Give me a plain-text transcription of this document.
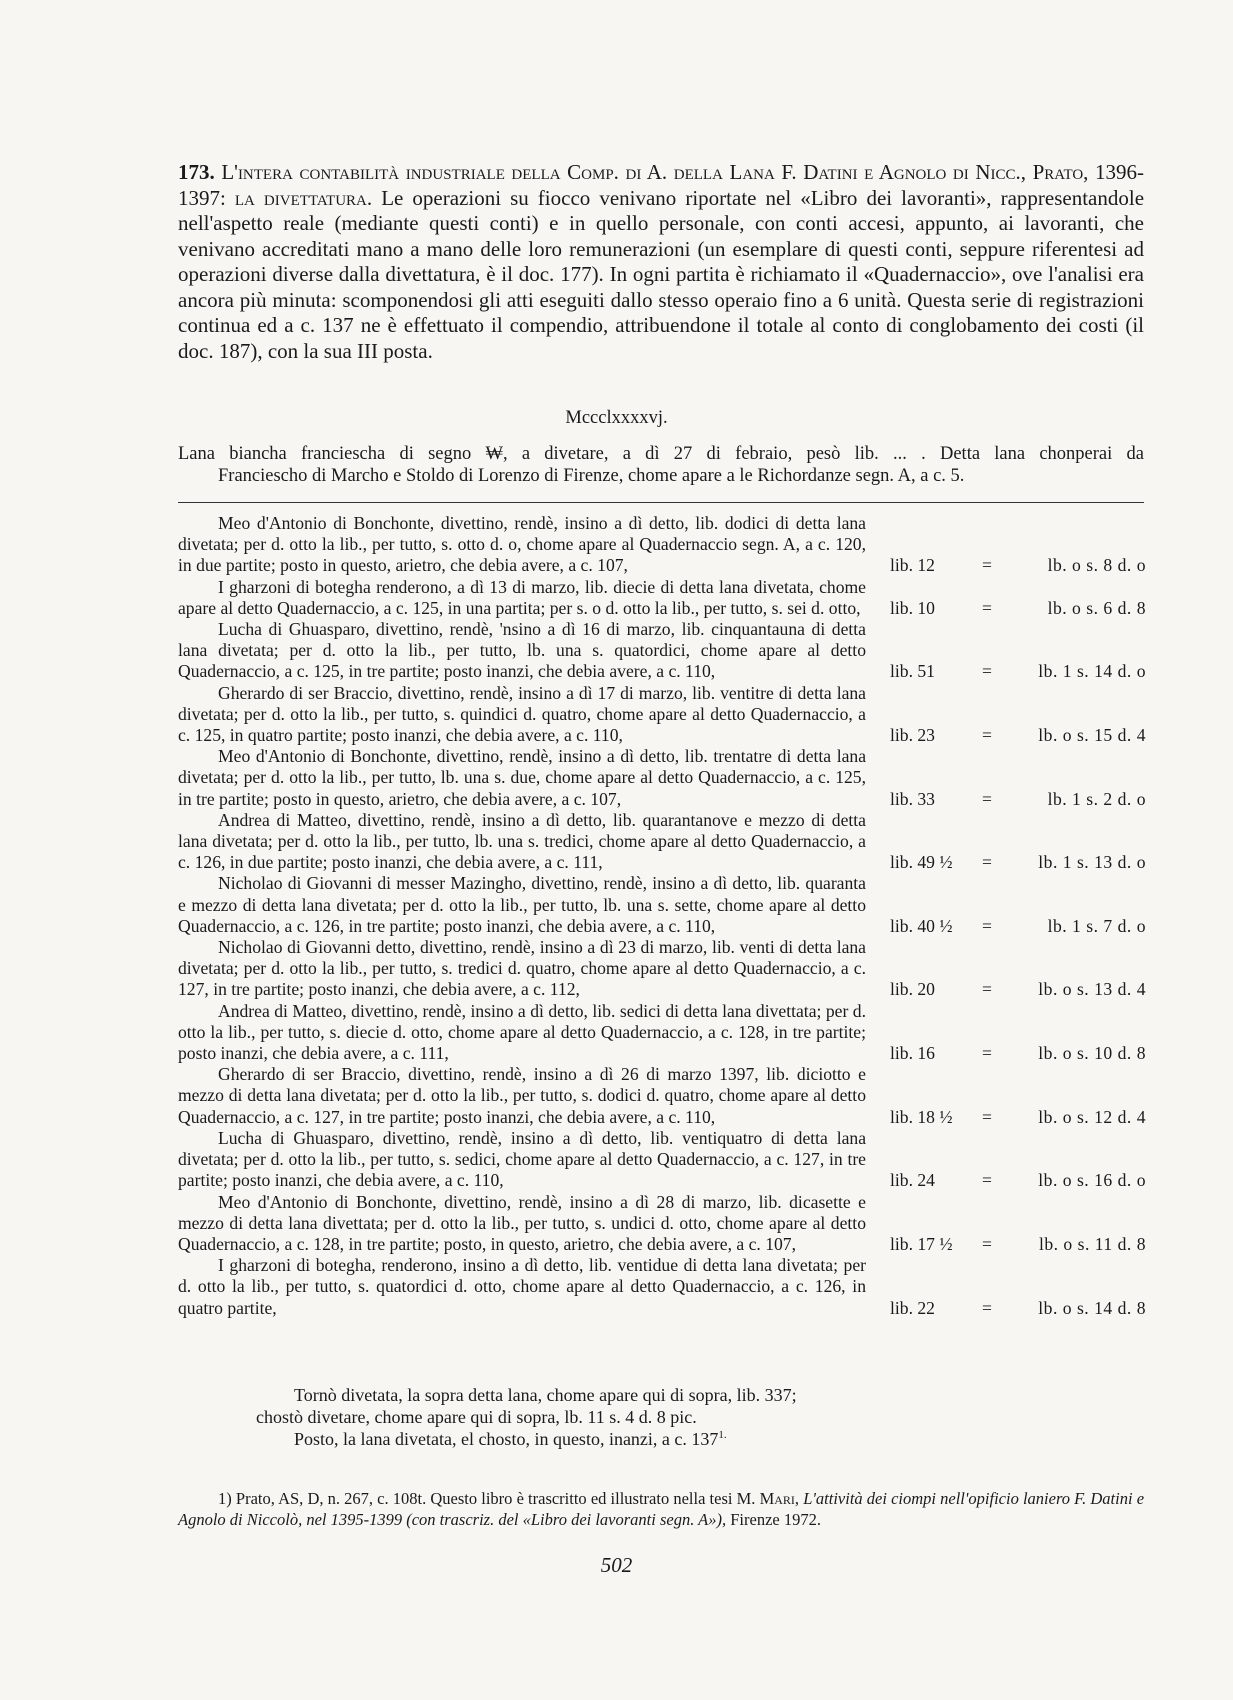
173. L'intera contabilità industriale della Comp. di A. della Lana F. Datini e Agnolo di Nicc., Prato, 1396-1397: la divettatura. Le operazioni su fiocco venivano riportate nel «Libro dei lavoranti», rappresentandole nell'aspetto reale (mediante questi conti) e in quello personale, con conti accesi, appunto, ai lavoranti, che venivano accreditati mano a mano delle loro remunerazioni (un esemplare di questi conti, seppure riferentesi ad operazioni diverse dalla divettatura, è il doc. 177). In ogni partita è richiamato il «Quadernaccio», ove l'analisi era ancora più minuta: scomponendosi gli atti eseguiti dallo stesso operaio fino a 6 unità. Questa serie di registrazioni continua ed a c. 137 ne è effettuato il compendio, attribuendone il totale al conto di conglobamento dei costi (il doc. 187), con la sua III posta.
Mccclxxxxvj.
Lana biancha franciescha di segno ₩, a divetare, a dì 27 di febraio, pesò lib. ... . Detta lana chonperai da
Franciescho di Marcho e Stoldo di Lorenzo di Firenze, chome apare a le Richordanze segn. A, a c. 5.
Meo d'Antonio di Bonchonte, divettino, rendè, insino a dì detto, lib. dodici di detta lana divetata; per d. otto la lib., per tutto, s. otto d. o, chome apare al Quadernaccio segn. A, a c. 120, in due partite; posto in questo, arietro, che debia avere, a c. 107,	lib. 12	=	lb. o s. 8 d. o
I gharzoni di botegha renderono, a dì 13 di marzo, lib. diecie di detta lana divetata, chome apare al detto Quadernaccio, a c. 125, in una partita; per s. o d. otto la lib., per tutto, s. sei d. otto,	lib. 10	=	lb. o s. 6 d. 8
Lucha di Ghuasparo, divettino, rendè, 'nsino a dì 16 di marzo, lib. cinquantauna di detta lana divetata; per d. otto la lib., per tutto, lb. una s. quatordici, chome apare al detto Quadernaccio, a c. 125, in tre partite; posto inanzi, che debia avere, a c. 110,	lib. 51	=	lb. 1 s. 14 d. o
Gherardo di ser Braccio, divettino, rendè, insino a dì 17 di marzo, lib. ventitre di detta lana divetata; per d. otto la lib., per tutto, s. quindici d. quatro, chome apare al detto Quadernaccio, a c. 125, in quatro partite; posto inanzi, che debia avere, a c. 110,	lib. 23	=	lb. o s. 15 d. 4
Meo d'Antonio di Bonchonte, divettino, rendè, insino a dì detto, lib. trentatre di detta lana divetata; per d. otto la lib., per tutto, lb. una s. due, chome apare al detto Quadernaccio, a c. 125, in tre partite; posto in questo, arietro, che debia avere, a c. 107,	lib. 33	=	lb. 1 s. 2 d. o
Andrea di Matteo, divettino, rendè, insino a dì detto, lib. quarantanove e mezzo di detta lana divetata; per d. otto la lib., per tutto, lb. una s. tredici, chome apare al detto Quadernaccio, a c. 126, in due partite; posto inanzi, che debia avere, a c. 111,	lib. 49 ½ =	lb. 1 s. 13 d. o
Nicholao di Giovanni di messer Mazingho, divettino, rendè, insino a dì detto, lib. quaranta e mezzo di detta lana divetata; per d. otto la lib., per tutto, lb. una s. sette, chome apare al detto Quadernaccio, a c. 126, in tre partite; posto inanzi, che debia avere, a c. 110,	lib. 40 ½ =	lb. 1 s. 7 d. o
Nicholao di Giovanni detto, divettino, rendè, insino a dì 23 di marzo, lib. venti di detta lana divetata; per d. otto la lib., per tutto, s. tredici d. quatro, chome apare al detto Quadernaccio, a c. 127, in tre partite; posto inanzi, che debia avere, a c. 112,	lib. 20	=	lb. o s. 13 d. 4
Andrea di Matteo, divettino, rendè, insino a dì detto, lib. sedici di detta lana divettata; per d. otto la lib., per tutto, s. diecie d. otto, chome apare al detto Quadernaccio, a c. 128, in tre partite; posto inanzi, che debia avere, a c. 111,	lib. 16	=	lb. o s. 10 d. 8
Gherardo di ser Braccio, divettino, rendè, insino a dì 26 di marzo 1397, lib. diciotto e mezzo di detta lana divetata; per d. otto la lib., per tutto, s. dodici d. quatro, chome apare al detto Quadernaccio, a c. 127, in tre partite; posto inanzi, che debia avere, a c. 110,	lib. 18 ½ =	lb. o s. 12 d. 4
Lucha di Ghuasparo, divettino, rendè, insino a dì detto, lib. ventiquatro di detta lana divetata; per d. otto la lib., per tutto, s. sedici, chome apare al detto Quadernaccio, a c. 127, in tre partite; posto inanzi, che debia avere, a c. 110,	lib. 24	=	lb. o s. 16 d. o
Meo d'Antonio di Bonchonte, divettino, rendè, insino a dì 28 di marzo, lib. dicasette e mezzo di detta lana divettata; per d. otto la lib., per tutto, s. undici d. otto, chome apare al detto Quadernaccio, a c. 128, in tre partite; posto, in questo, arietro, che debia avere, a c. 107,	lib. 17 ½ =	lb. o s. 11 d. 8
I gharzoni di botegha, renderono, insino a dì detto, lib. ventidue di detta lana divetata; per d. otto la lib., per tutto, s. quatordici d. otto, chome apare al detto Quadernaccio, a c. 126, in quatro partite,	lib. 22	=	lb. o s. 14 d. 8
Tornò divetata, la sopra detta lana, chome apare qui di sopra, lib. 337;
chostò divetare, chome apare qui di sopra, lb. 11 s. 4 d. 8 pic.
Posto, la lana divetata, el chosto, in questo, inanzi, a c. $137^{1.}$
1) Prato, AS, D, n. 267, c. 108t. Questo libro è trascritto ed illustrato nella tesi M. Mari, L'attività dei ciompi nell'opificio laniero F. Datini e Agnolo di Niccolò, nel 1395-1399 (con trascriz. del «Libro dei lavoranti segn. A»), Firenze 1972.
502
